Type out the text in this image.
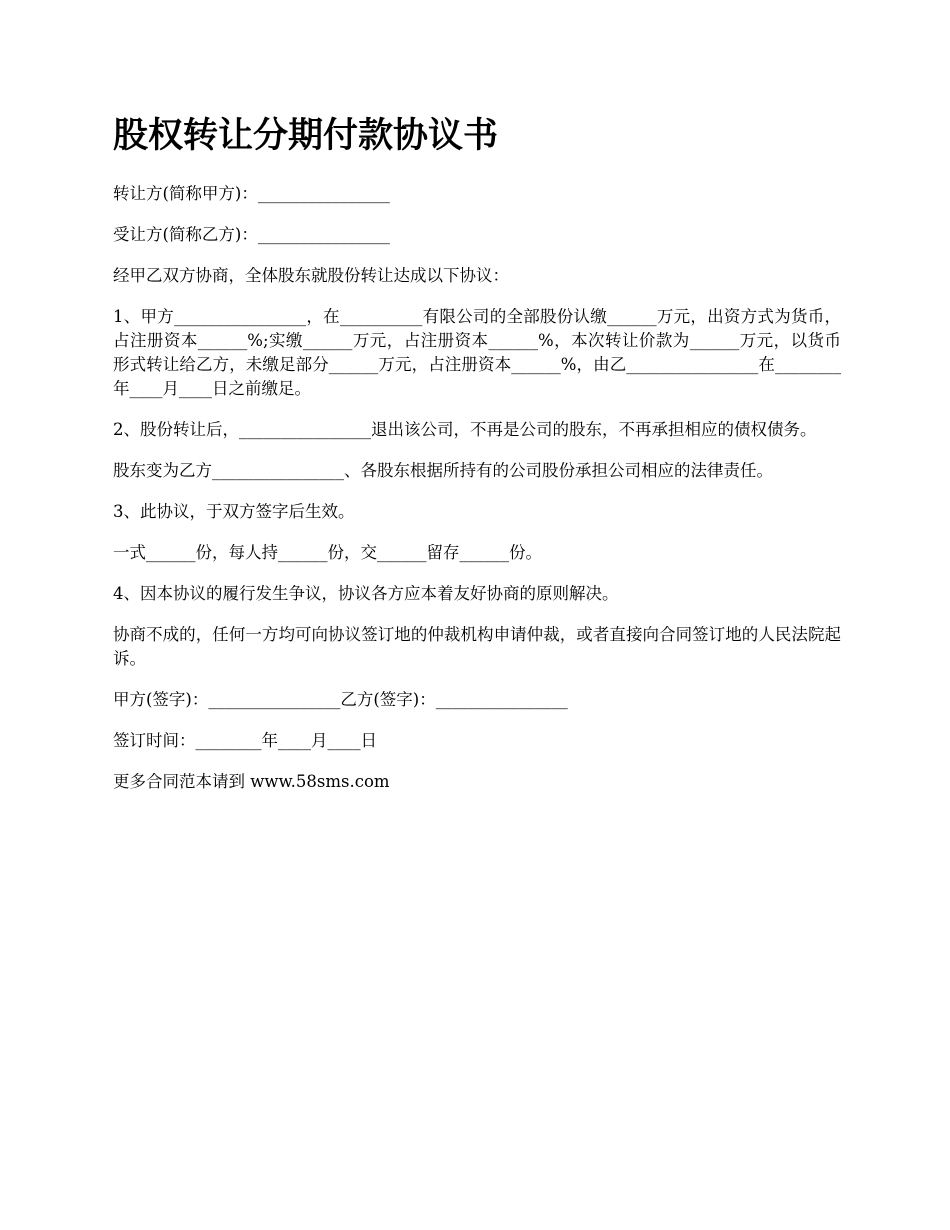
股权转让分期付款协议书

转让方(简称甲方)：________________

受让方(简称乙方)：________________

经甲乙双方协商，全体股东就股份转让达成以下协议：

1、甲方________________，在__________有限公司的全部股份认缴______万元，出资方式为货币，占注册资本______%;实缴______万元，占注册资本______%，本次转让价款为______万元，以货币形式转让给乙方，未缴足部分______万元，占注册资本______%，由乙________________在________年____月____日之前缴足。

2、股份转让后，________________退出该公司，不再是公司的股东，不再承担相应的债权债务。

股东变为乙方________________、各股东根据所持有的公司股份承担公司相应的法律责任。

3、此协议，于双方签字后生效。

一式______份，每人持______份，交______留存______份。

4、因本协议的履行发生争议，协议各方应本着友好协商的原则解决。

协商不成的，任何一方均可向协议签订地的仲裁机构申请仲裁，或者直接向合同签订地的人民法院起诉。

甲方(签字)：________________乙方(签字)：________________

签订时间：________年____月____日

更多合同范本请到 www.58sms.com
